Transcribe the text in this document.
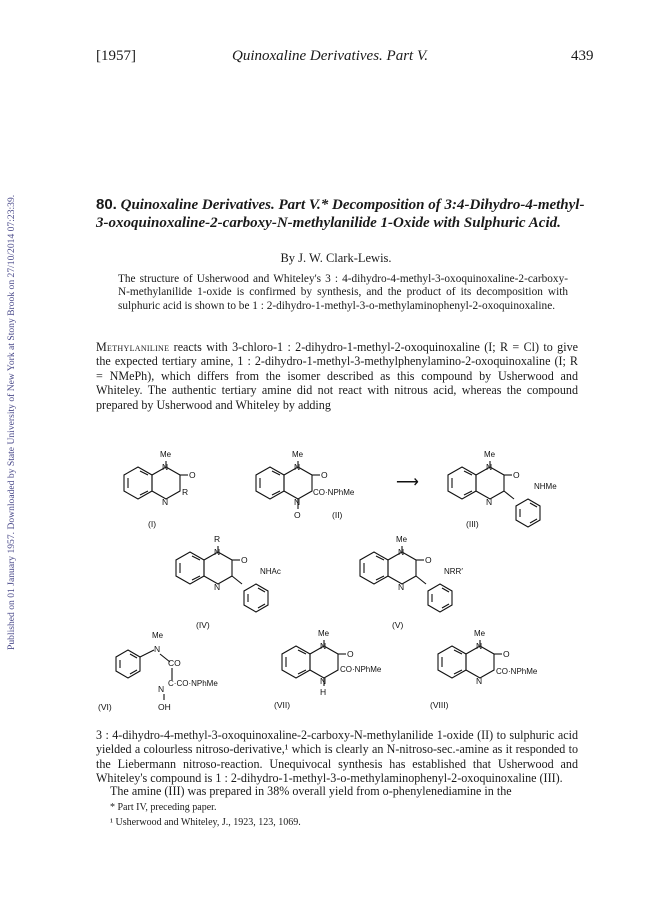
Published on 01 January 1957. Downloaded by State University of New York at Stony Brook on 27/10/2014 07:23:39.
[1957]	Quinoxaline Derivatives. Part V.	439
80. Quinoxaline Derivatives. Part V.* Decomposition of 3:4-Dihydro-4-methyl-3-oxoquinoxaline-2-carboxy-N-methylanilide 1-Oxide with Sulphuric Acid.
By J. W. Clark-Lewis.
The structure of Usherwood and Whiteley's 3 : 4-dihydro-4-methyl-3-oxoquinoxaline-2-carboxy-N-methylanilide 1-oxide is confirmed by synthesis, and the product of its decomposition with sulphuric acid is shown to be 1 : 2-dihydro-1-methyl-3-o-methylaminophenyl-2-oxoquinoxaline.
Methylaniline reacts with 3-chloro-1 : 2-dihydro-1-methyl-2-oxoquinoxaline (I; R = Cl) to give the expected tertiary amine, 1 : 2-dihydro-1-methyl-3-methylphenylamino-2-oxoquinoxaline (I; R = NMePh), which differs from the isomer described as this compound by Usherwood and Whiteley. The authentic tertiary amine did not react with nitrous acid, whereas the compound prepared by Usherwood and Whiteley by adding
Me
N
O
R
N
(I)
Me
N
O
CO·NPhMe
N
O	(II)
⟶
Me
N
O
N
NHMe
(III)
R
N
O
N
NHAc
(IV)
Me
N
O
N
NRR′
(V)
Me
N
CO
N
C·CO·NPhMe
OH
(VI)
Me
N
O
CO·NPhMe
N
H
(VII)
Me
N
O
N
CO·NPhMe
(VIII)
3 : 4-dihydro-4-methyl-3-oxoquinoxaline-2-carboxy-N-methylanilide 1-oxide (II) to sulphuric acid yielded a colourless nitroso-derivative,¹ which is clearly an N-nitroso-sec.-amine as it responded to the Liebermann nitroso-reaction. Unequivocal synthesis has established that Usherwood and Whiteley's compound is 1 : 2-dihydro-1-methyl-3-o-methylaminophenyl-2-oxoquinoxaline (III).
The amine (III) was prepared in 38% overall yield from o-phenylenediamine in the
* Part IV, preceding paper.
¹ Usherwood and Whiteley, J., 1923, 123, 1069.
